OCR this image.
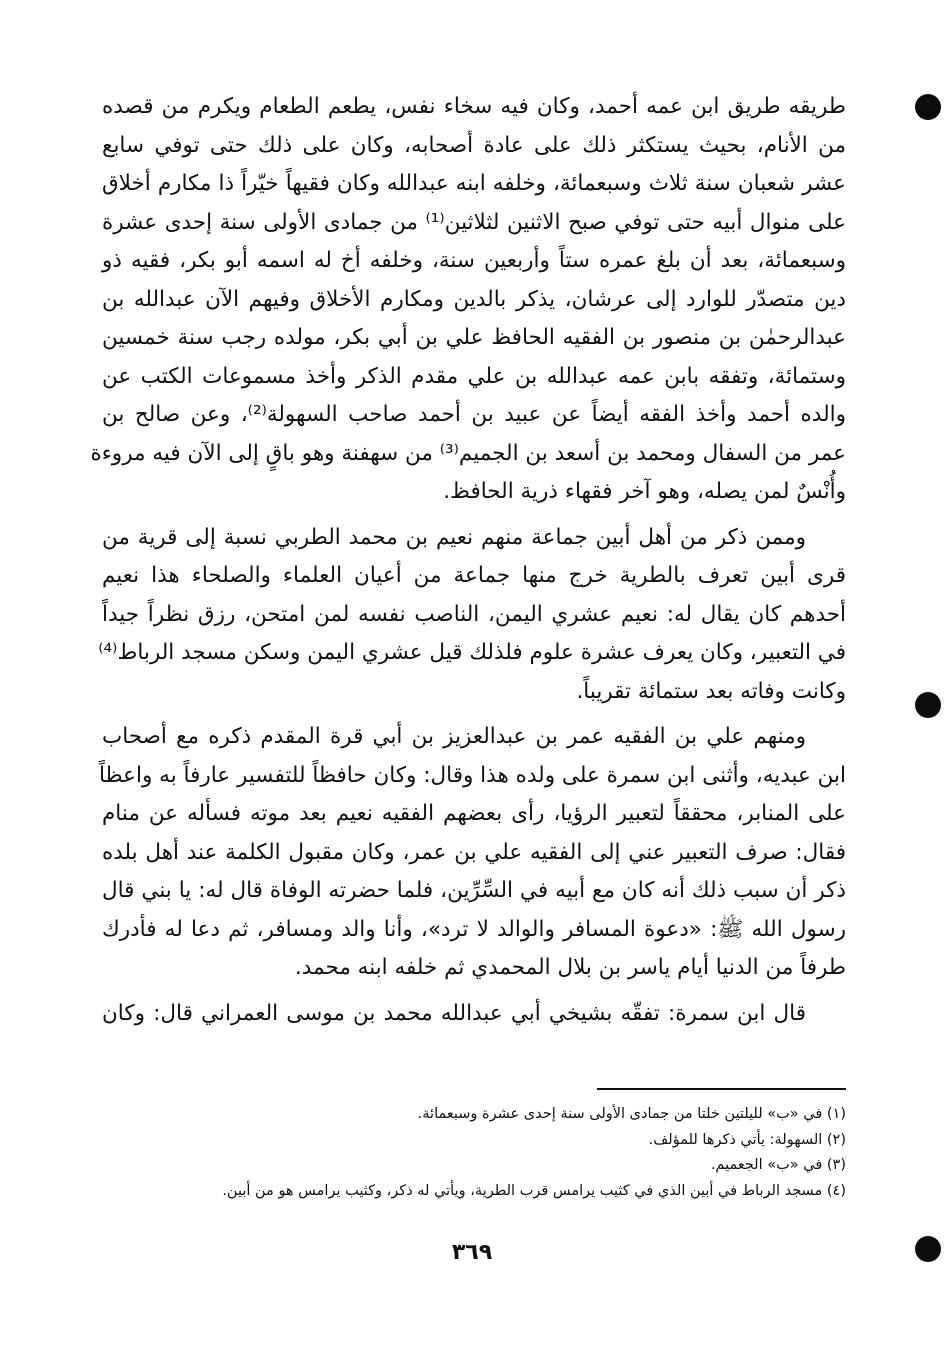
طريقه طريق ابن عمه أحمد، وكان فيه سخاء نفس، يطعم الطعام ويكرم من قصده
من الأنام، بحيث يستكثر ذلك على عادة أصحابه، وكان على ذلك حتى توفي سابع
عشر شعبان سنة ثلاث وسبعمائة، وخلفه ابنه عبدالله وكان فقيهاً خيّراً ذا مكارم أخلاق
على منوال أبيه حتى توفي صبح الاثنين لثلاثين⁽¹⁾ من جمادى الأولى سنة إحدى عشرة
وسبعمائة، بعد أن بلغ عمره ستاً وأربعين سنة، وخلفه أخ له اسمه أبو بكر، فقيه ذو
دين متصدّر للوارد إلى عرشان، يذكر بالدين ومكارم الأخلاق وفيهم الآن عبدالله بن
عبدالرحمٰن بن منصور بن الفقيه الحافظ علي بن أبي بكر، مولده رجب سنة خمسين
وستمائة، وتفقه بابن عمه عبدالله بن علي مقدم الذكر وأخذ مسموعات الكتب عن
والده أحمد وأخذ الفقه أيضاً عن عبيد بن أحمد صاحب السهولة⁽²⁾، وعن صالح بن
عمر من السفال ومحمد بن أسعد بن الجميم⁽³⁾ من سهفنة وهو باقٍ إلى الآن فيه مروءة
وأُنْسٌ لمن يصله، وهو آخر فقهاء ذرية الحافظ.
وممن ذكر من أهل أبين جماعة منهم نعيم بن محمد الطربي نسبة إلى قرية من
قرى أبين تعرف بالطرية خرج منها جماعة من أعيان العلماء والصلحاء هذا نعيم
أحدهم كان يقال له: نعيم عشري اليمن، الناصب نفسه لمن امتحن، رزق نظراً جيداً
في التعبير، وكان يعرف عشرة علوم فلذلك قيل عشري اليمن وسكن مسجد الرباط⁽⁴⁾
وكانت وفاته بعد ستمائة تقريباً.
ومنهم علي بن الفقيه عمر بن عبدالعزيز بن أبي قرة المقدم ذكره مع أصحاب
ابن عبديه، وأثنى ابن سمرة على ولده هذا وقال: وكان حافظاً للتفسير عارفاً به واعظاً
على المنابر، محققاً لتعبير الرؤيا، رأى بعضهم الفقيه نعيم بعد موته فسأله عن منام
فقال: صرف التعبير عني إلى الفقيه علي بن عمر، وكان مقبول الكلمة عند أهل بلده
ذكر أن سبب ذلك أنه كان مع أبيه في السِّرِّين، فلما حضرته الوفاة قال له: يا بني قال
رسول الله ﷺ: «دعوة المسافر والوالد لا ترد»، وأنا والد ومسافر، ثم دعا له فأدرك
طرفاً من الدنيا أيام ياسر بن بلال المحمدي ثم خلفه ابنه محمد.
قال ابن سمرة: تفقّه بشيخي أبي عبدالله محمد بن موسى العمراني قال: وكان
(١) في «ب» لليلتين خلتا من جمادى الأولى سنة إحدى عشرة وسبعمائة.
(٢) السهولة: يأتي ذكرها للمؤلف.
(٣) في «ب» الجعميم.
(٤) مسجد الرباط في أبين الذي في كثيب يرامس قرب الطرية، ويأتي له ذكر، وكثيب يرامس هو من أبين.
٣٦٩
